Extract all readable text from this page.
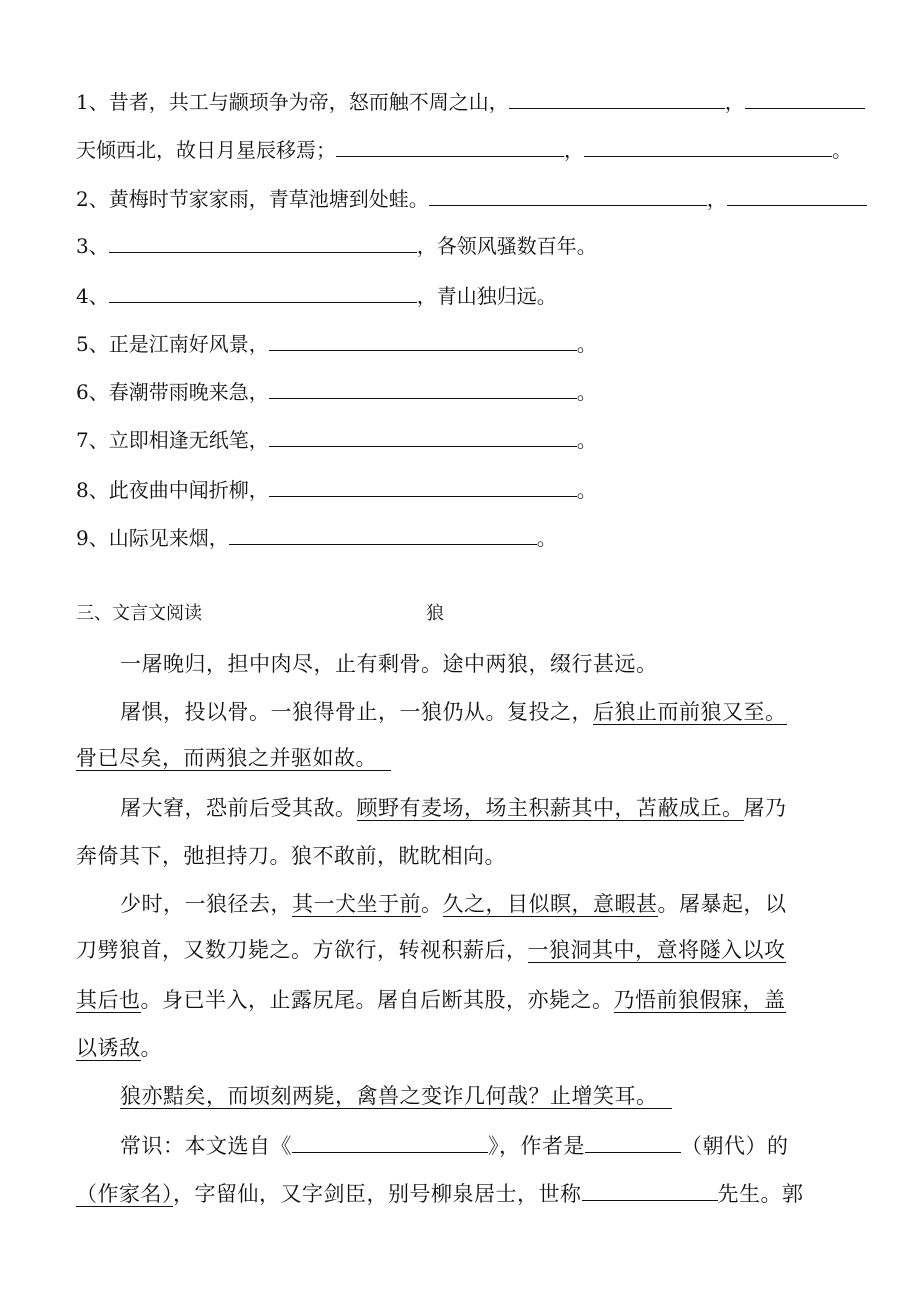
1、昔者，共工与颛顼争为帝，怒而触不周之山，	，
天倾西北，故日月星辰移焉；	，	。
2、黄梅时节家家雨，青草池塘到处蛙。	，
3、	，各领风骚数百年。
4、	，青山独归远。
5、正是江南好风景，	。
6、春潮带雨晚来急，	。
7、立即相逢无纸笔，	。
8、此夜曲中闻折柳，	。
9、山际见来烟，	。
三、文言文阅读	狼
一屠晚归，担中肉尽，止有剩骨。途中两狼，缀行甚远。
屠惧，投以骨。一狼得骨止，一狼仍从。复投之，后狼止而前狼又至。
骨已尽矣，而两狼之并驱如故。
屠大窘，恐前后受其敌。顾野有麦场，场主积薪其中，苫蔽成丘。屠乃
奔倚其下，弛担持刀。狼不敢前，眈眈相向。
少时，一狼径去，其一犬坐于前。久之，目似瞑，意暇甚。屠暴起，以
刀劈狼首，又数刀毙之。方欲行，转视积薪后，一狼洞其中，意将隧入以攻
其后也。身已半入，止露尻尾。屠自后断其股，亦毙之。乃悟前狼假寐，盖
以诱敌。
狼亦黠矣，而顷刻两毙，禽兽之变诈几何哉？止增笑耳。
常识：本文选自《	》，作者是	（朝代）的
（作家名），字留仙，又字剑臣，别号柳泉居士，世称	先生。郭
